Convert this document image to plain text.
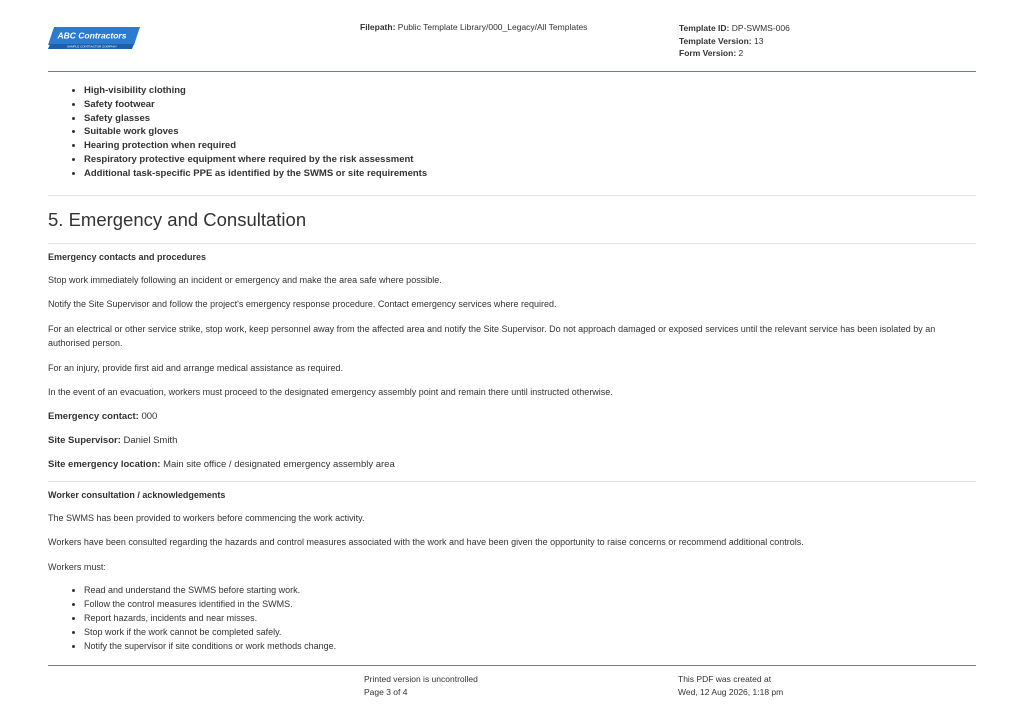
ABC Contractors
SAMPLE CONTRACTOR COMPANY
Filepath: Public Template Library/000_Legacy/All Templates	Template ID: DP-SWMS-006
Template Version: 13
Form Version: 2
• High-visibility clothing
• Safety footwear
• Safety glasses
• Suitable work gloves
• Hearing protection when required
• Respiratory protective equipment where required by the risk assessment
• Additional task-specific PPE as identified by the SWMS or site requirements
5. Emergency and Consultation
Emergency contacts and procedures

Stop work immediately following an incident or emergency and make the area safe where possible.

Notify the Site Supervisor and follow the project's emergency response procedure. Contact emergency services where required.

For an electrical or other service strike, stop work, keep personnel away from the affected area and notify the Site Supervisor. Do not approach damaged or exposed services until the relevant service has been isolated by an authorised person.

For an injury, provide first aid and arrange medical assistance as required.

In the event of an evacuation, workers must proceed to the designated emergency assembly point and remain there until instructed otherwise.

Emergency contact: 000

Site Supervisor: Daniel Smith

Site emergency location: Main site office / designated emergency assembly area

Worker consultation / acknowledgements

The SWMS has been provided to workers before commencing the work activity.

Workers have been consulted regarding the hazards and control measures associated with the work and have been given the opportunity to raise concerns or recommend additional controls.

Workers must:

• Read and understand the SWMS before starting work.
• Follow the control measures identified in the SWMS.
• Report hazards, incidents and near misses.
• Stop work if the work cannot be completed safely.
• Notify the supervisor if site conditions or work methods change.
Printed version is uncontrolled
Page 3 of 4
This PDF was created at
Wed, 12 Aug 2026, 1:18 pm
